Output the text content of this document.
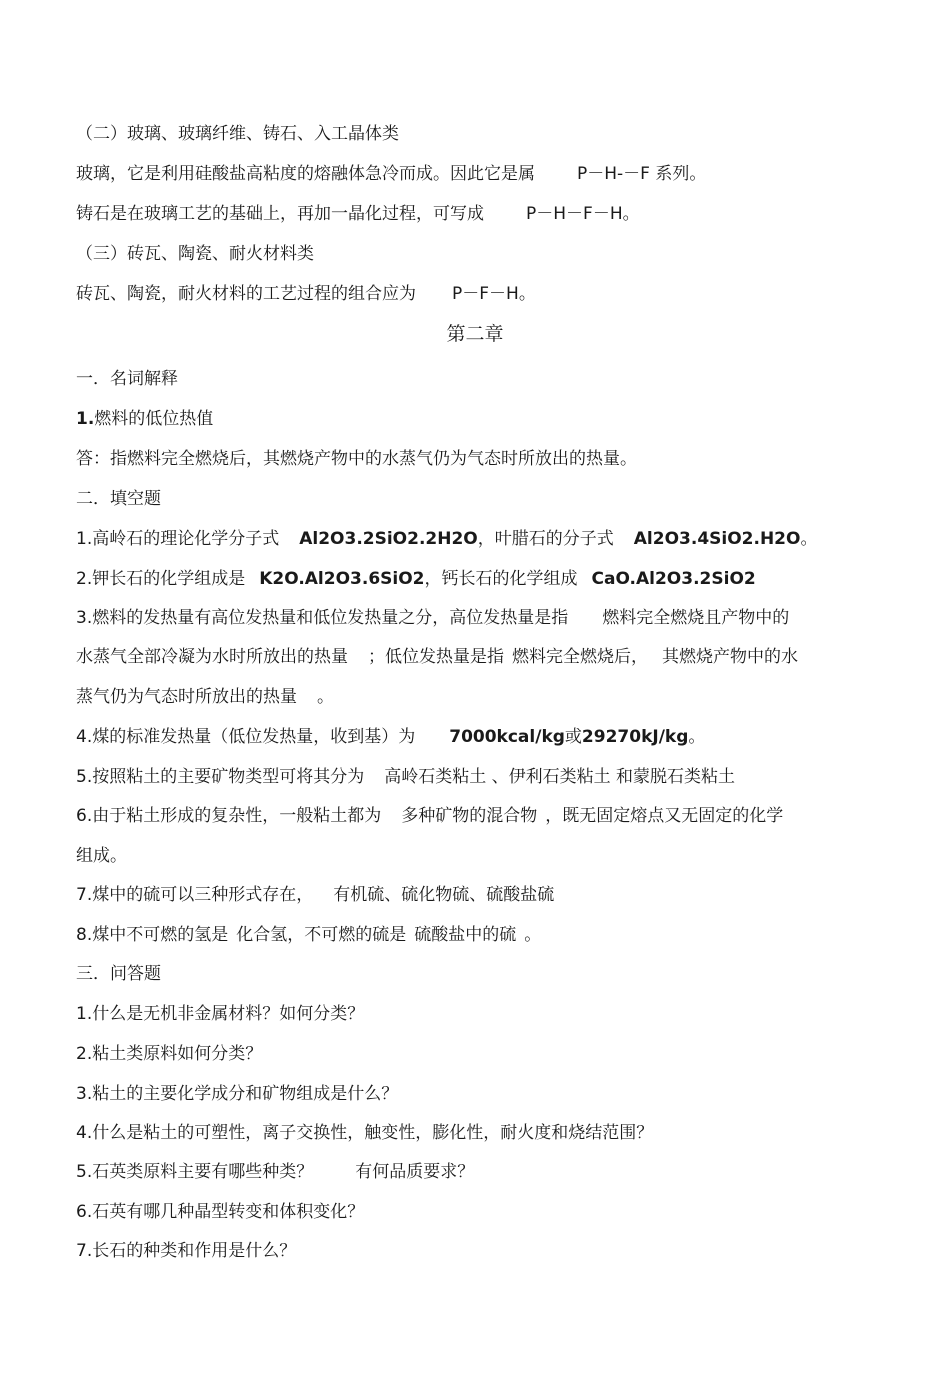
（二）玻璃、玻璃纤维、铸石、入工晶体类
玻璃，它是利用硅酸盐高粘度的熔融体急冷而成。因此它是属 P－H-－F 系列。
铸石是在玻璃工艺的基础上，再加一晶化过程，可写成 P－H－F－H。
（三）砖瓦、陶瓷、耐火材料类
砖瓦、陶瓷，耐火材料的工艺过程的组合应为 P－F－H。
第二章
一．名词解释
1.燃料的低位热值
答：指燃料完全燃烧后，其燃烧产物中的水蒸气仍为气态时所放出的热量。
二．填空题
1.高岭石的理论化学分子式 Al2O3.2SiO2.2H2O，叶腊石的分子式 Al2O3.4SiO2.H2O。
2.钾长石的化学组成是 K2O.Al2O3.6SiO2，钙长石的化学组成 CaO.Al2O3.2SiO2
3.燃料的发热量有高位发热量和低位发热量之分，高位发热量是指 燃料完全燃烧且产物中的
水蒸气全部冷凝为水时所放出的热量 ；低位发热量是指 燃料完全燃烧后， 其燃烧产物中的水
蒸气仍为气态时所放出的热量 。
4.煤的标准发热量（低位发热量，收到基）为 7000kcal/kg或29270kJ/kg。
5.按照粘土的主要矿物类型可将其分为 高岭石类粘土 、伊利石类粘土 和蒙脱石类粘土
6.由于粘土形成的复杂性，一般粘土都为 多种矿物的混合物 ，既无固定熔点又无固定的化学
组成。
7.煤中的硫可以三种形式存在， 有机硫、硫化物硫、硫酸盐硫
8.煤中不可燃的氢是 化合氢，不可燃的硫是 硫酸盐中的硫 。
三．问答题
1.什么是无机非金属材料？如何分类？
2.粘土类原料如何分类？
3.粘土的主要化学成分和矿物组成是什么？
4.什么是粘土的可塑性，离子交换性，触变性，膨化性，耐火度和烧结范围？
5.石英类原料主要有哪些种类？ 有何品质要求？
6.石英有哪几种晶型转变和体积变化？
7.长石的种类和作用是什么？
